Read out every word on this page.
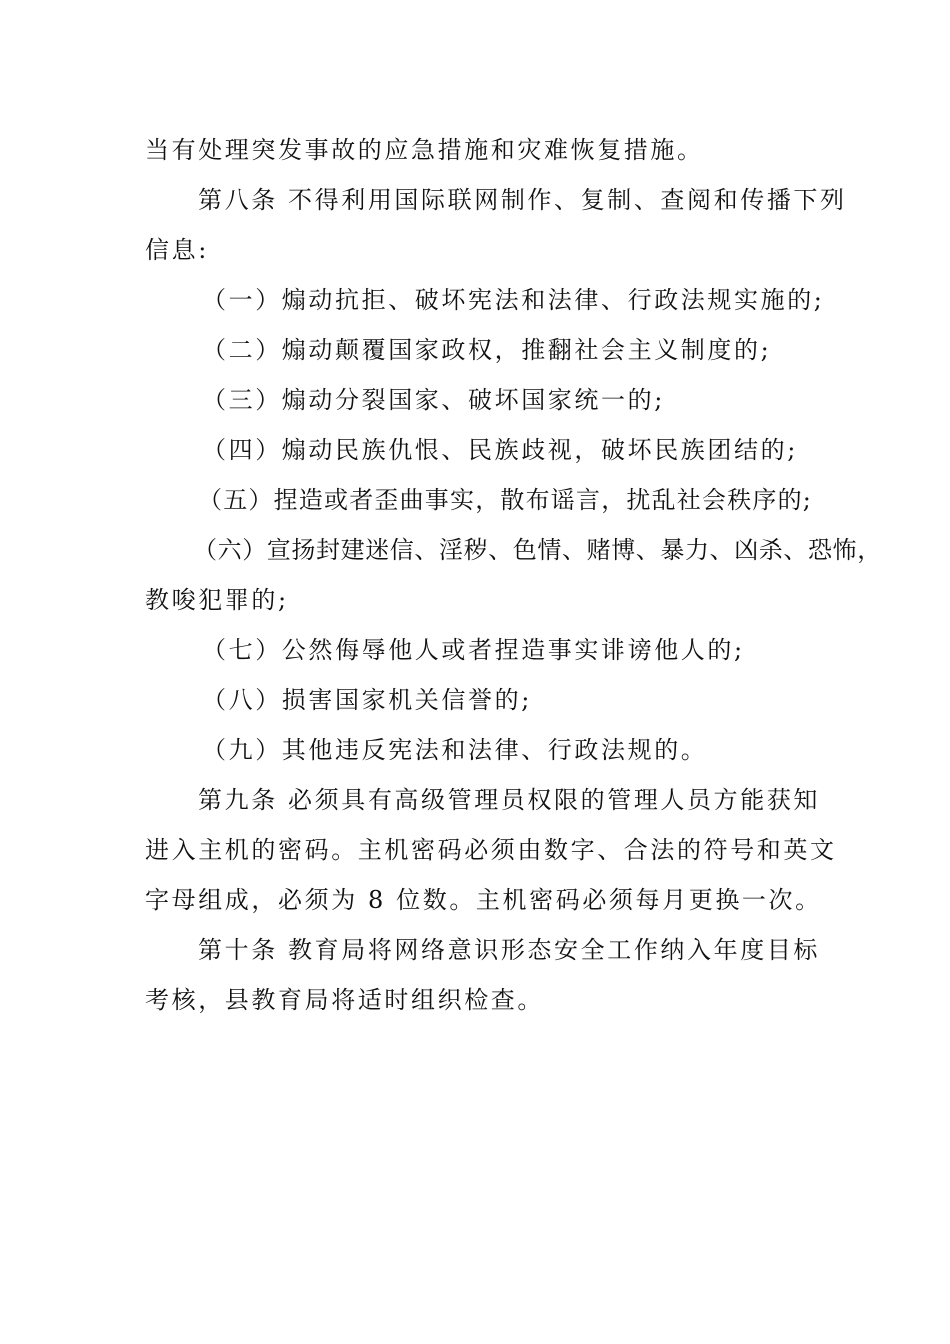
当有处理突发事故的应急措施和灾难恢复措施。
第八条 不得利用国际联网制作、复制、查阅和传播下列
信息:
（一）煽动抗拒、破坏宪法和法律、行政法规实施的;
（二）煽动颠覆国家政权，推翻社会主义制度的;
（三）煽动分裂国家、破坏国家统一的;
（四）煽动民族仇恨、民族歧视，破坏民族团结的;
（五）捏造或者歪曲事实，散布谣言，扰乱社会秩序的;
（六）宣扬封建迷信、淫秽、色情、赌博、暴力、凶杀、恐怖，
教唆犯罪的;
（七）公然侮辱他人或者捏造事实诽谤他人的;
（八）损害国家机关信誉的;
（九）其他违反宪法和法律、行政法规的。
第九条 必须具有高级管理员权限的管理人员方能获知
进入主机的密码。主机密码必须由数字、合法的符号和英文
字母组成，必须为 8 位数。主机密码必须每月更换一次。
第十条 教育局将网络意识形态安全工作纳入年度目标
考核，县教育局将适时组织检查。
